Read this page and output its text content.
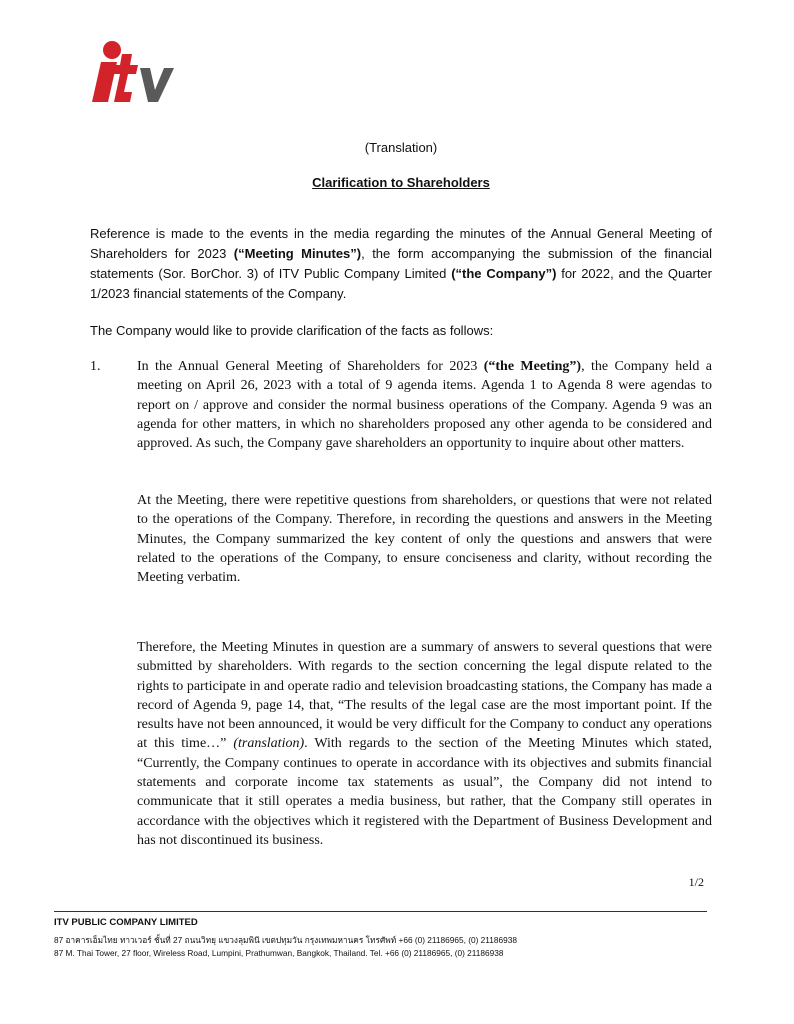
(Translation)
Clarification to Shareholders
Reference is made to the events in the media regarding the minutes of the Annual General Meeting of Shareholders for 2023 (“Meeting Minutes”), the form accompanying the submission of the financial statements (Sor. BorChor. 3) of ITV Public Company Limited (“the Company”) for 2022, and the Quarter 1/2023 financial statements of the Company.
The Company would like to provide clarification of the facts as follows:
1.	In the Annual General Meeting of Shareholders for 2023 (“the Meeting”), the Company held a meeting on April 26, 2023 with a total of 9 agenda items. Agenda 1 to Agenda 8 were agendas to report on / approve and consider the normal business operations of the Company. Agenda 9 was an agenda for other matters, in which no shareholders proposed any other agenda to be considered and approved. As such, the Company gave shareholders an opportunity to inquire about other matters.
At the Meeting, there were repetitive questions from shareholders, or questions that were not related to the operations of the Company. Therefore, in recording the questions and answers in the Meeting Minutes, the Company summarized the key content of only the questions and answers that were related to the operations of the Company, to ensure conciseness and clarity, without recording the Meeting verbatim.
Therefore, the Meeting Minutes in question are a summary of answers to several questions that were submitted by shareholders. With regards to the section concerning the legal dispute related to the rights to participate in and operate radio and television broadcasting stations, the Company has made a record of Agenda 9, page 14, that, “The results of the legal case are the most important point. If the results have not been announced, it would be very difficult for the Company to conduct any operations at this time…” (translation). With regards to the section of the Meeting Minutes which stated, “Currently, the Company continues to operate in accordance with its objectives and submits financial statements and corporate income tax statements as usual”, the Company did not intend to communicate that it still operates a media business, but rather, that the Company still operates in accordance with the objectives which it registered with the Department of Business Development and has not discontinued its business.
1/2
ITV PUBLIC COMPANY LIMITED
87 อาคารเอ็มไทย ทาวเวอร์ ชั้นที่ 27 ถนนวิทยุ แขวงลุมพินี เขตปทุมวัน กรุงเทพมหานคร โทรศัพท์ +66 (0) 21186965, (0) 21186938
87 M. Thai Tower, 27 floor, Wireless Road, Lumpini, Prathumwan, Bangkok, Thailand. Tel. +66 (0) 21186965, (0) 21186938
